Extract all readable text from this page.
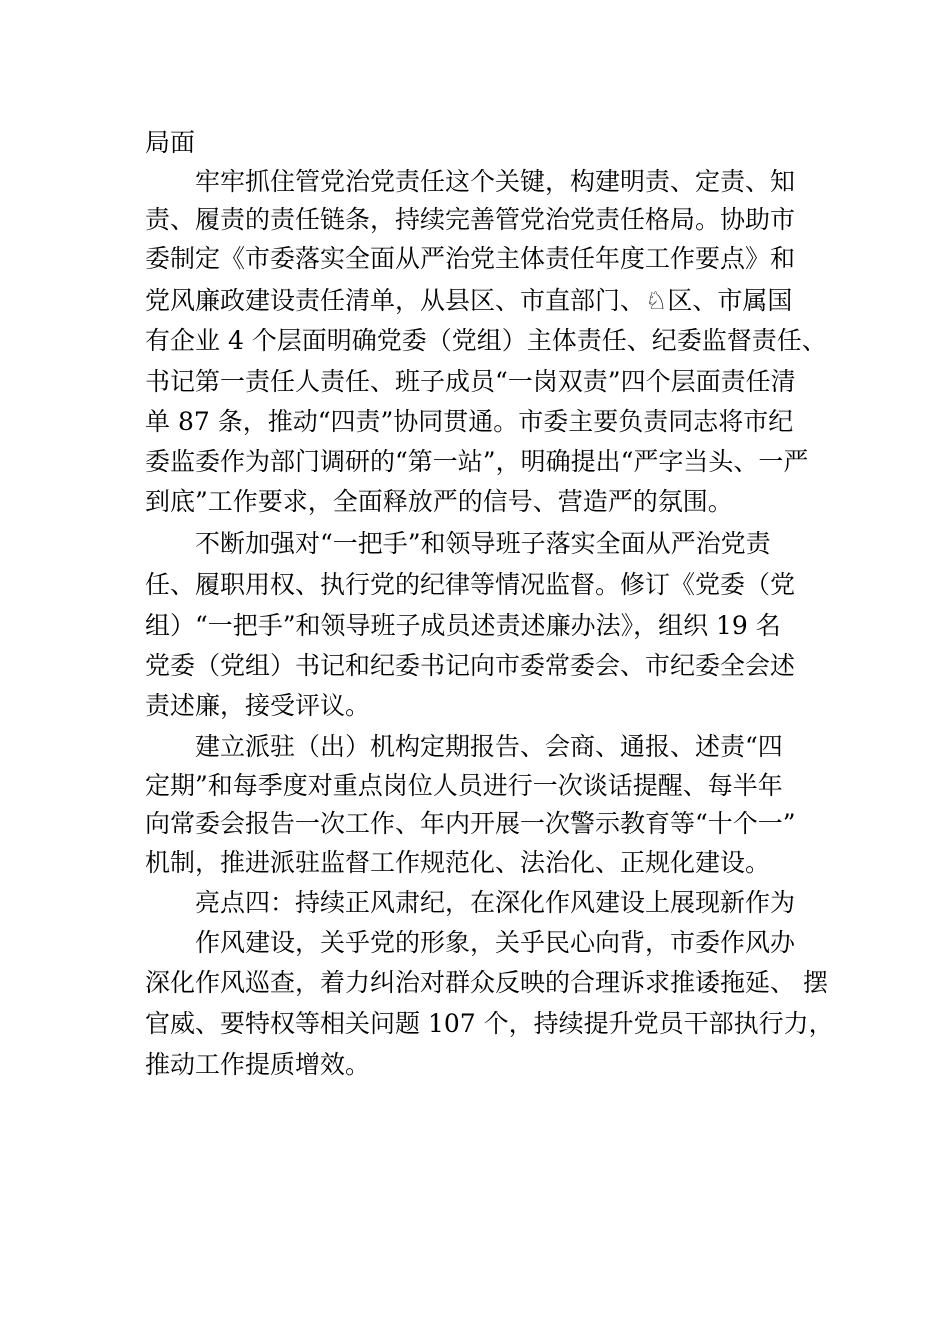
局面

牢牢抓住管党治党责任这个关键，构建明责、定责、知

责、履责的责任链条，持续完善管党治党责任格局。协助市

委制定《市委落实全面从严治党主体责任年度工作要点》和

党风廉政建设责任清单，从县区、市直部门、♘区、市属国

有企业 4 个层面明确党委（党组）主体责任、纪委监督责任、

书记第一责任人责任、班子成员“一岗双责”四个层面责任清

单 87 条，推动“四责”协同贯通。市委主要负责同志将市纪

委监委作为部门调研的“第一站”，明确提出“严字当头、一严

到底”工作要求，全面释放严的信号、营造严的氛围。

不断加强对“一把手”和领导班子落实全面从严治党责

任、履职用权、执行党的纪律等情况监督。修订《党委（党

组）“一把手”和领导班子成员述责述廉办法》，组织 19 名

党委（党组）书记和纪委书记向市委常委会、市纪委全会述

责述廉，接受评议。

建立派驻（出）机构定期报告、会商、通报、述责“四

定期”和每季度对重点岗位人员进行一次谈话提醒、每半年

向常委会报告一次工作、年内开展一次警示教育等“十个一”

机制，推进派驻监督工作规范化、法治化、正规化建设。

亮点四：持续正风肃纪，在深化作风建设上展现新作为

作风建设，关乎党的形象，关乎民心向背，市委作风办

深化作风巡查，着力纠治对群众反映的合理诉求推诿拖延、 摆

官威、要特权等相关问题 107 个，持续提升党员干部执行力，

推动工作提质增效。
